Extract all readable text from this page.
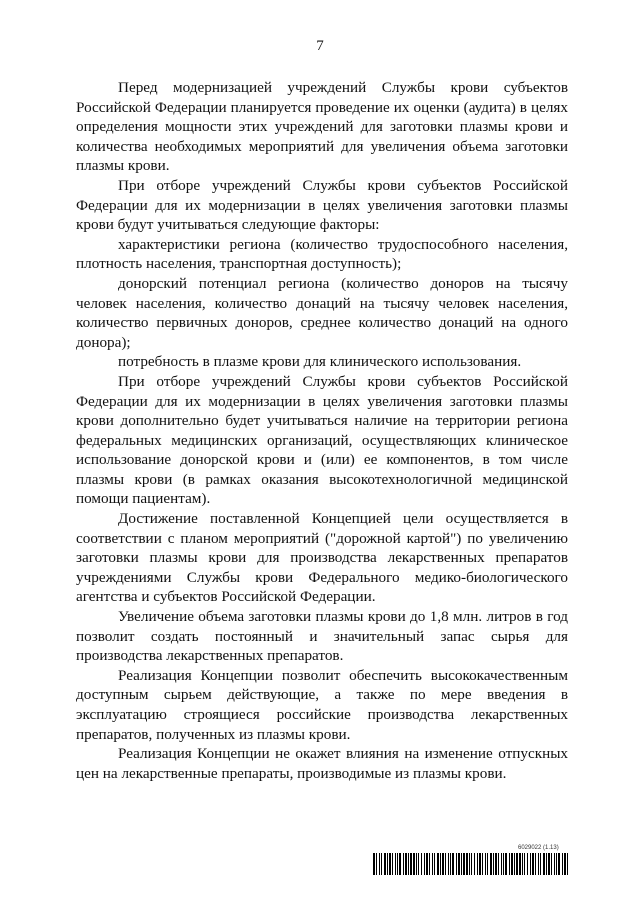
7

Перед модернизацией учреждений Службы крови субъектов Российской Федерации планируется проведение их оценки (аудита) в целях определения мощности этих учреждений для заготовки плазмы крови и количества необходимых мероприятий для увеличения объема заготовки плазмы крови.

При отборе учреждений Службы крови субъектов Российской Федерации для их модернизации в целях увеличения заготовки плазмы крови будут учитываться следующие факторы:

характеристики региона (количество трудоспособного населения, плотность населения, транспортная доступность);

донорский потенциал региона (количество доноров на тысячу человек населения, количество донаций на тысячу человек населения, количество первичных доноров, среднее количество донаций на одного донора);

потребность в плазме крови для клинического использования.

При отборе учреждений Службы крови субъектов Российской Федерации для их модернизации в целях увеличения заготовки плазмы крови дополнительно будет учитываться наличие на территории региона федеральных медицинских организаций, осуществляющих клиническое использование донорской крови и (или) ее компонентов, в том числе плазмы крови (в рамках оказания высокотехнологичной медицинской помощи пациентам).

Достижение поставленной Концепцией цели осуществляется в соответствии с планом мероприятий ("дорожной картой") по увеличению заготовки плазмы крови для производства лекарственных препаратов учреждениями Службы крови Федерального медико-биологического агентства и субъектов Российской Федерации.

Увеличение объема заготовки плазмы крови до 1,8 млн. литров в год позволит создать постоянный и значительный запас сырья для производства лекарственных препаратов.

Реализация Концепции позволит обеспечить высококачественным доступным сырьем действующие, а также по мере введения в эксплуатацию строящиеся российские производства лекарственных препаратов, полученных из плазмы крови.

Реализация Концепции не окажет влияния на изменение отпускных цен на лекарственные препараты, производимые из плазмы крови.

6029022 (1.13)
